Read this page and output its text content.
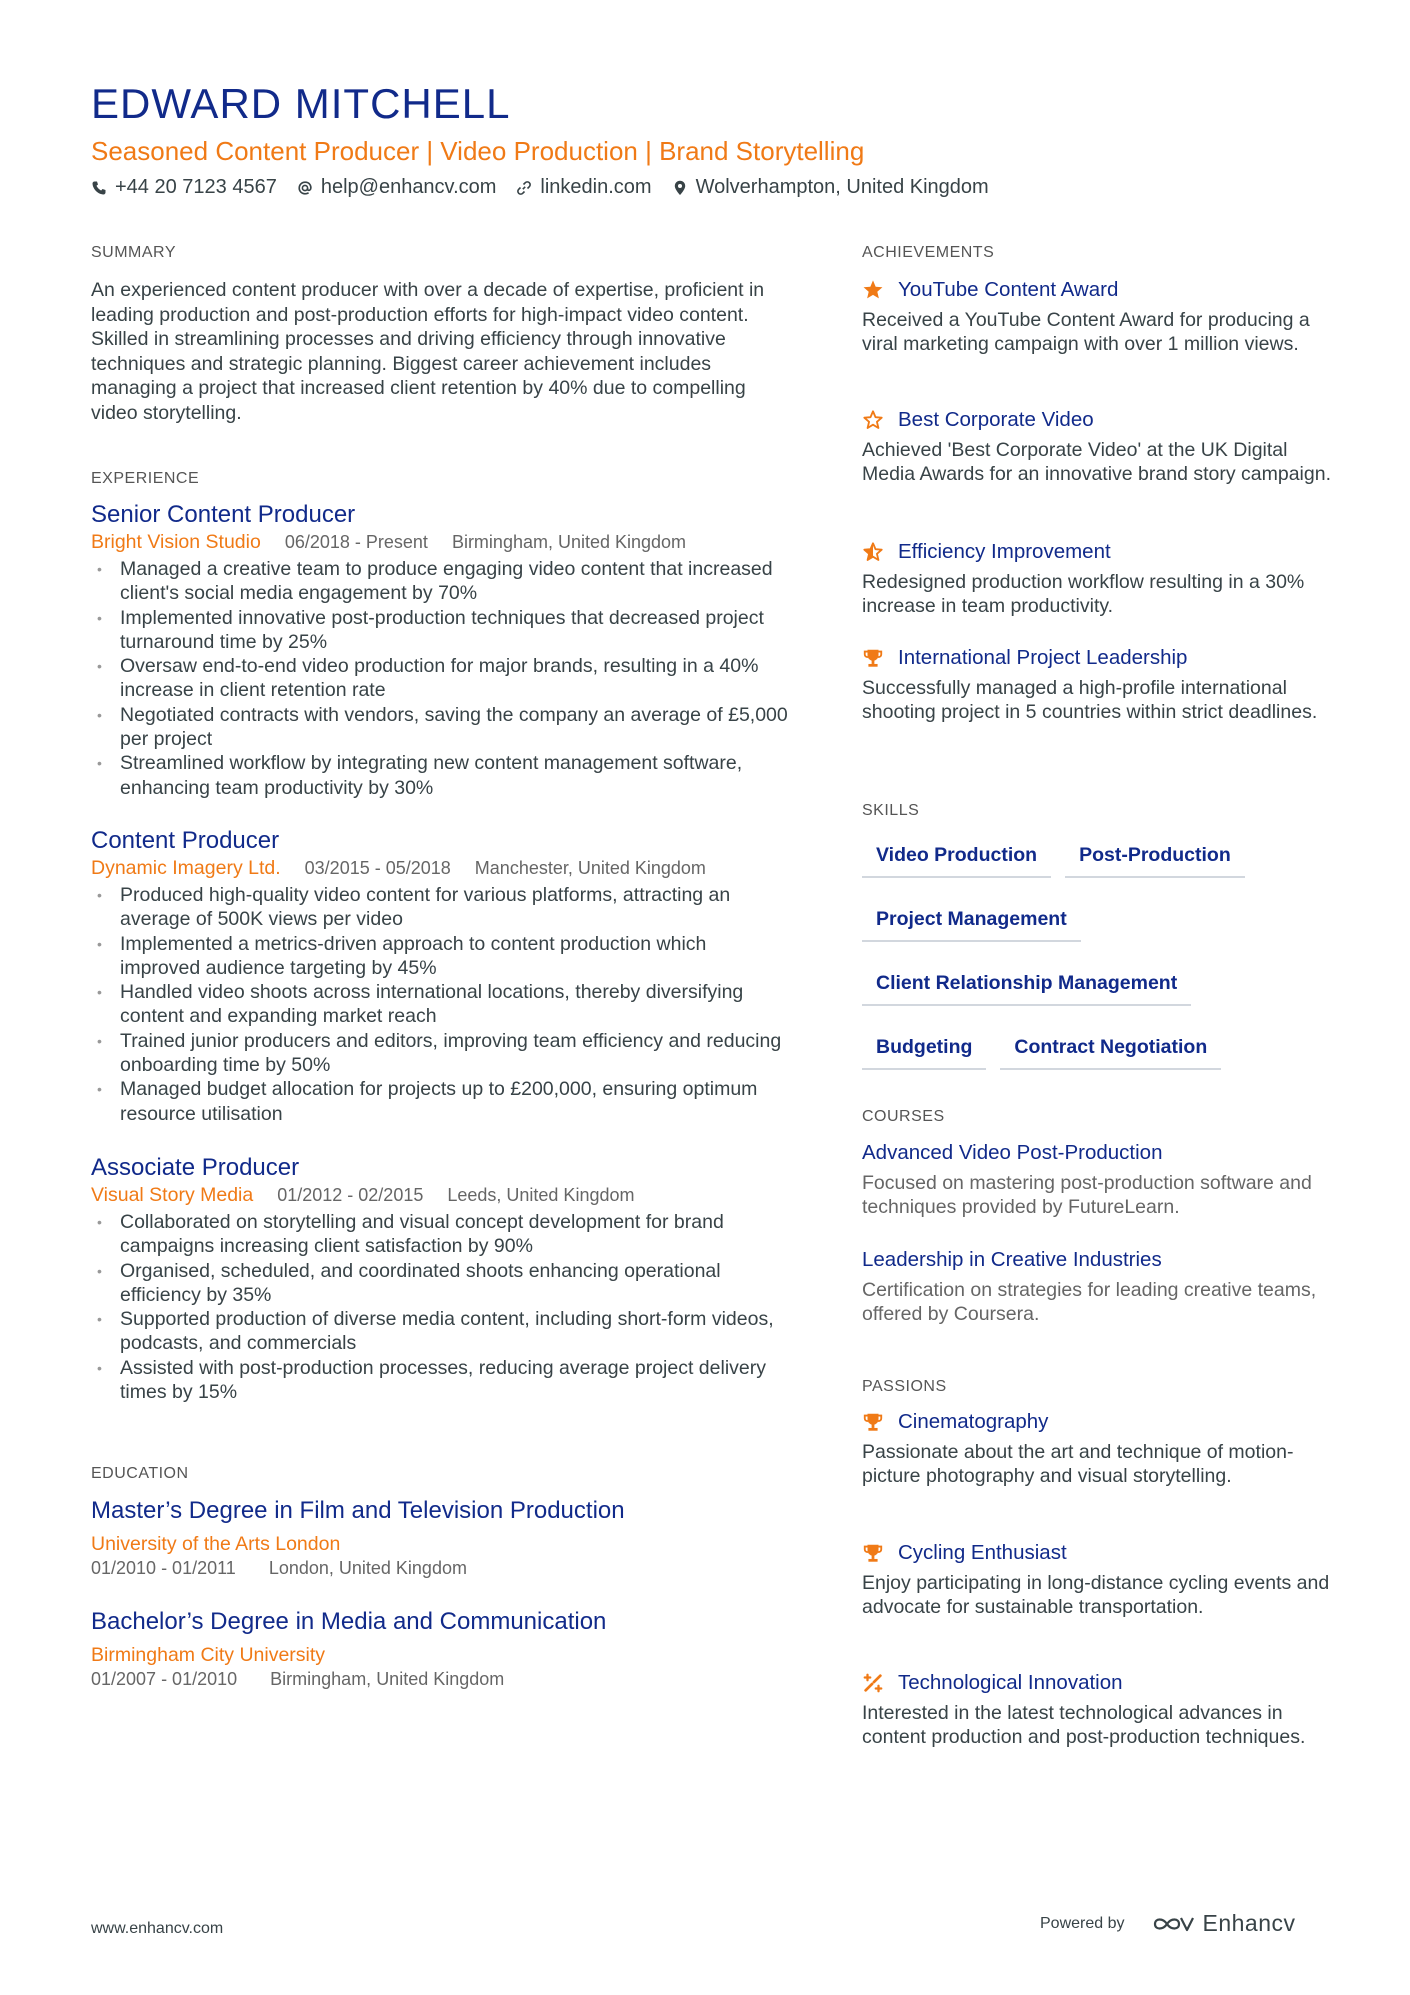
EDWARD MITCHELL
Seasoned Content Producer | Video Production | Brand Storytelling
+44 20 7123 4567 help@enhancv.com linkedin.com Wolverhampton, United Kingdom
SUMMARY

An experienced content producer with over a decade of expertise, proficient in leading production and post-production efforts for high-impact video content. Skilled in streamlining processes and driving efficiency through innovative techniques and strategic planning. Biggest career achievement includes managing a project that increased client retention by 40% due to compelling video storytelling.

EXPERIENCE
Senior Content Producer
Bright Vision Studio 06/2018 - Present Birmingham, United Kingdom
• Managed a creative team to produce engaging video content that increased client's social media engagement by 70%
• Implemented innovative post-production techniques that decreased project turnaround time by 25%
• Oversaw end-to-end video production for major brands, resulting in a 40% increase in client retention rate
• Negotiated contracts with vendors, saving the company an average of £5,000 per project
• Streamlined workflow by integrating new content management software, enhancing team productivity by 30%
Content Producer
Dynamic Imagery Ltd. 03/2015 - 05/2018 Manchester, United Kingdom
• Produced high-quality video content for various platforms, attracting an average of 500K views per video
• Implemented a metrics-driven approach to content production which improved audience targeting by 45%
• Handled video shoots across international locations, thereby diversifying content and expanding market reach
• Trained junior producers and editors, improving team efficiency and reducing onboarding time by 50%
• Managed budget allocation for projects up to £200,000, ensuring optimum resource utilisation
Associate Producer
Visual Story Media 01/2012 - 02/2015 Leeds, United Kingdom
• Collaborated on storytelling and visual concept development for brand campaigns increasing client satisfaction by 90%
• Organised, scheduled, and coordinated shoots enhancing operational efficiency by 35%
• Supported production of diverse media content, including short-form videos, podcasts, and commercials
• Assisted with post-production processes, reducing average project delivery times by 15%
EDUCATION
Master’s Degree in Film and Television Production
University of the Arts London
01/2010 - 01/2011 London, United Kingdom
Bachelor’s Degree in Media and Communication
Birmingham City University
01/2007 - 01/2010 Birmingham, United Kingdom
ACHIEVEMENTS
YouTube Content Award
Received a YouTube Content Award for producing a viral marketing campaign with over 1 million views.
Best Corporate Video
Achieved 'Best Corporate Video' at the UK Digital Media Awards for an innovative brand story campaign.
Efficiency Improvement
Redesigned production workflow resulting in a 30% increase in team productivity.
International Project Leadership
Successfully managed a high-profile international shooting project in 5 countries within strict deadlines.
SKILLS
Video Production	Post-Production
Project Management
Client Relationship Management
Budgeting	Contract Negotiation
COURSES
Advanced Video Post-Production
Focused on mastering post-production software and techniques provided by FutureLearn.
Leadership in Creative Industries
Certification on strategies for leading creative teams, offered by Coursera.
PASSIONS
Cinematography
Passionate about the art and technique of motion-picture photography and visual storytelling.
Cycling Enthusiast
Enjoy participating in long-distance cycling events and advocate for sustainable transportation.
Technological Innovation
Interested in the latest technological advances in content production and post-production techniques.
www.enhancv.com	Powered by	Enhancv
